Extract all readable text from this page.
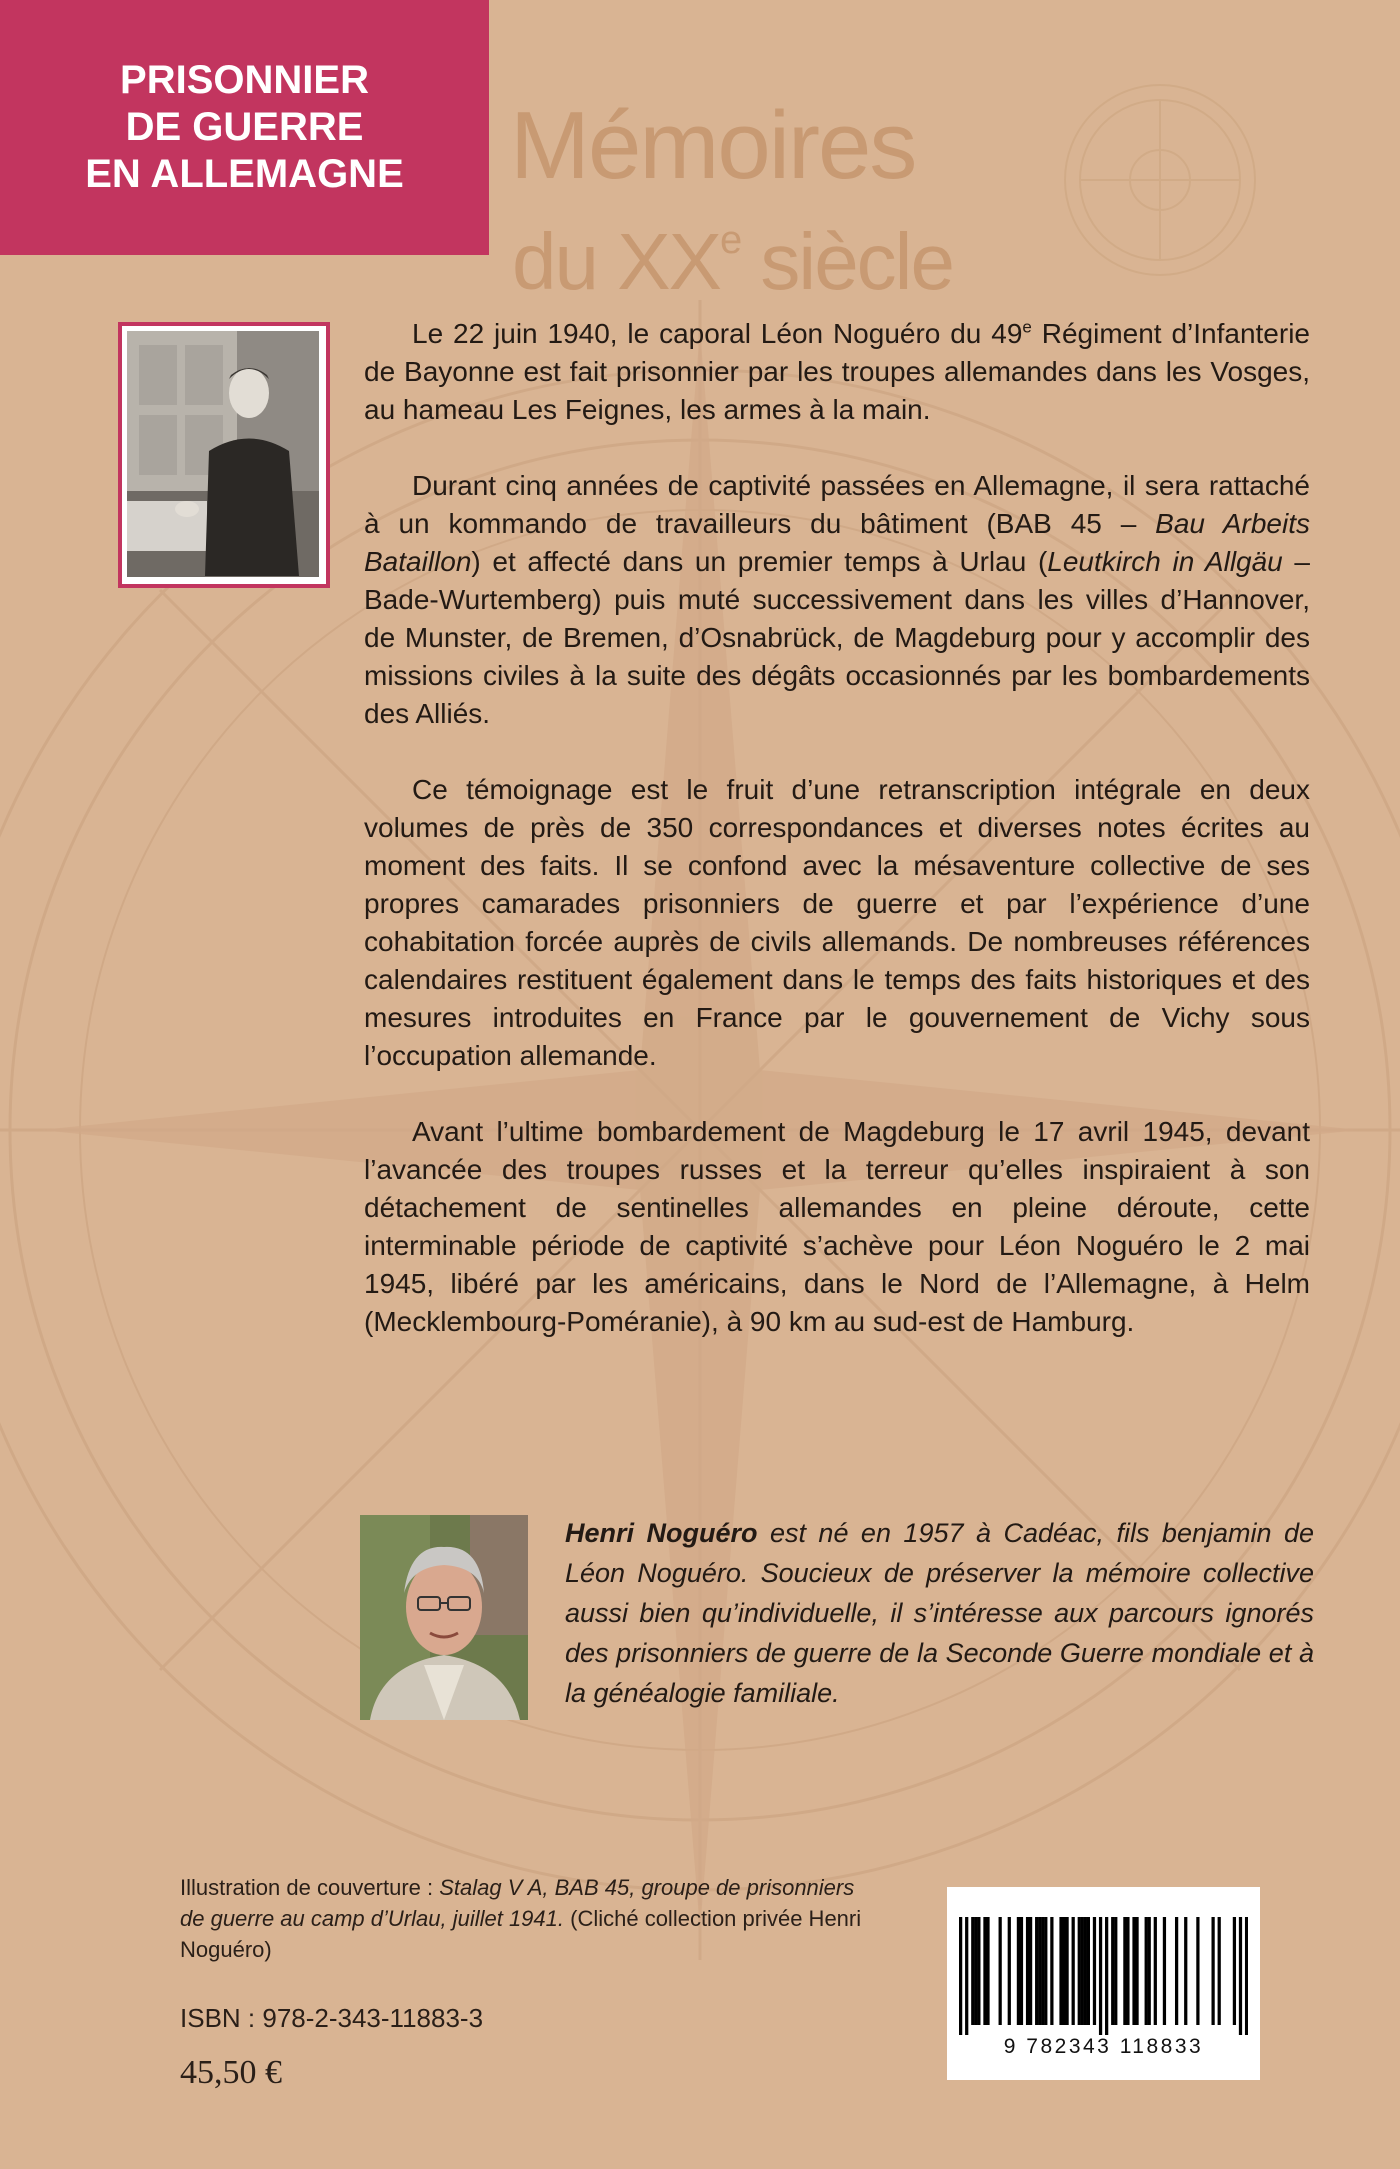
PRISONNIER
DE GUERRE
EN ALLEMAGNE	Mémoires
du XXe siècle

Le 22 juin 1940, le caporal Léon Noguéro du 49e Régiment d’Infanterie de Bayonne est fait prisonnier par les troupes allemandes dans les Vosges, au hameau Les Feignes, les armes à la main.

Durant cinq années de captivité passées en Allemagne, il sera rattaché à un kommando de travailleurs du bâtiment (BAB 45 – Bau Arbeits Bataillon) et affecté dans un premier temps à Urlau (Leutkirch in Allgäu – Bade-Wurtemberg) puis muté successivement dans les villes d’Hannover, de Munster, de Bremen, d’Osnabrück, de Magdeburg pour y accomplir des missions civiles à la suite des dégâts occasionnés par les bombardements des Alliés.

Ce témoignage est le fruit d’une retranscription intégrale en deux volumes de près de 350 correspondances et diverses notes écrites au moment des faits. Il se confond avec la mésaventure collective de ses propres camarades prisonniers de guerre et par l’expérience d’une cohabitation forcée auprès de civils allemands. De nombreuses références calendaires restituent également dans le temps des faits historiques et des mesures introduites en France par le gouvernement de Vichy sous l’occupation allemande.

Avant l’ultime bombardement de Magdeburg le 17 avril 1945, devant l’avancée des troupes russes et la terreur qu’elles inspiraient à son détachement de sentinelles allemandes en pleine déroute, cette interminable période de captivité s’achève pour Léon Noguéro le 2 mai 1945, libéré par les américains, dans le Nord de l’Allemagne, à Helm (Mecklembourg-Poméranie), à 90 km au sud-est de Hamburg.

Henri Noguéro est né en 1957 à Cadéac, fils benjamin de Léon Noguéro. Soucieux de préserver la mémoire collective aussi bien qu’individuelle, il s’intéresse aux parcours ignorés des prisonniers de guerre de la Seconde Guerre mondiale et à la généalogie familiale.

Illustration de couverture : Stalag V A, BAB 45, groupe de prisonniers de guerre au camp d’Urlau, juillet 1941. (Cliché collection privée Henri Noguéro)

ISBN : 978-2-343-11883-3
45,50 €
9 782343 118833
